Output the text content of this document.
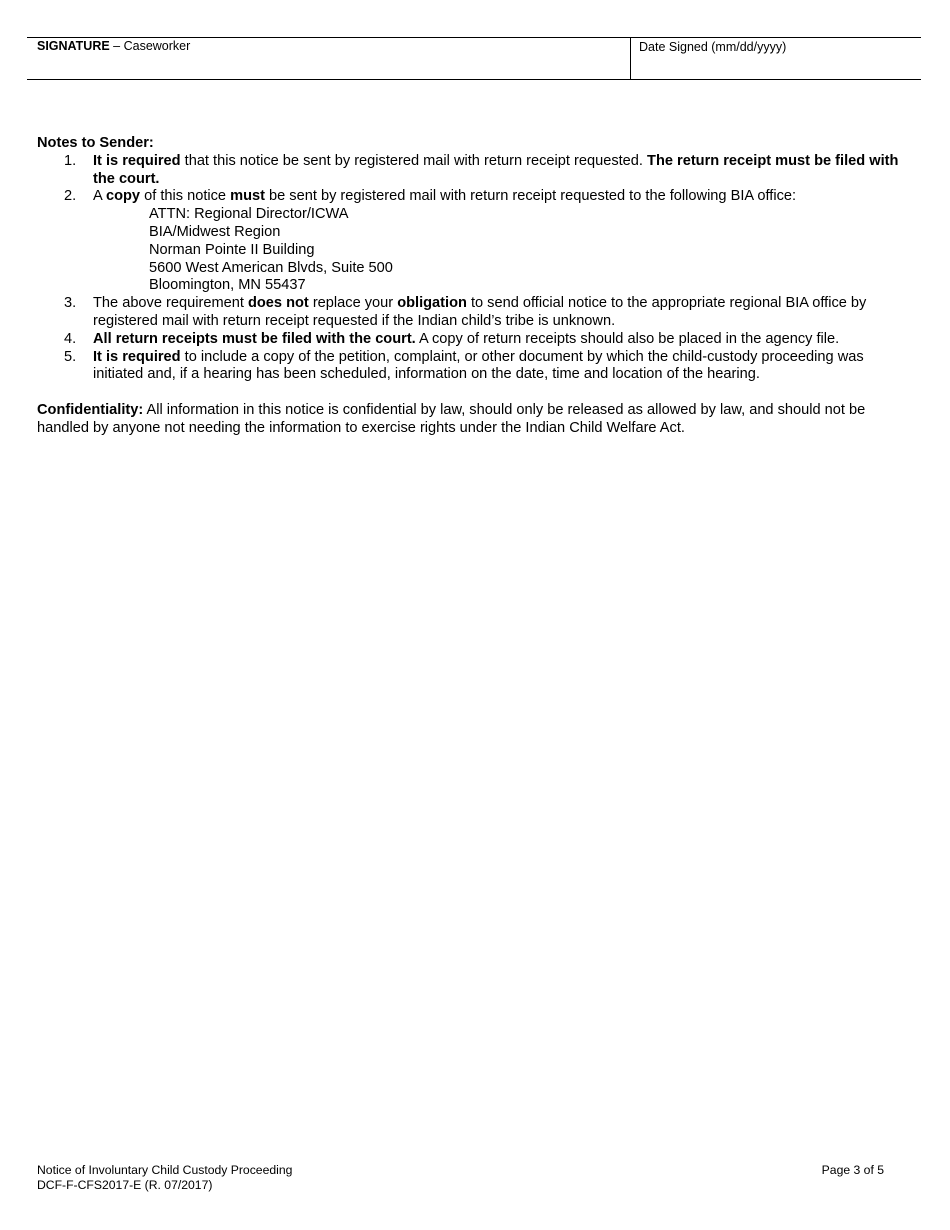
SIGNATURE – Caseworker	Date Signed (mm/dd/yyyy)

Notes to Sender:

1. It is required that this notice be sent by registered mail with return receipt requested. The return receipt must be filed with the court.
2. A copy of this notice must be sent by registered mail with return receipt requested to the following BIA office:
ATTN: Regional Director/ICWA
BIA/Midwest Region
Norman Pointe II Building
5600 West American Blvds, Suite 500
Bloomington, MN 55437
3. The above requirement does not replace your obligation to send official notice to the appropriate regional BIA office by registered mail with return receipt requested if the Indian child’s tribe is unknown.
4. All return receipts must be filed with the court. A copy of return receipts should also be placed in the agency file.
5. It is required to include a copy of the petition, complaint, or other document by which the child-custody proceeding was initiated and, if a hearing has been scheduled, information on the date, time and location of the hearing.

Confidentiality: All information in this notice is confidential by law, should only be released as allowed by law, and should not be handled by anyone not needing the information to exercise rights under the Indian Child Welfare Act.

Notice of Involuntary Child Custody Proceeding
DCF-F-CFS2017-E (R. 07/2017)
Page 3 of 5
